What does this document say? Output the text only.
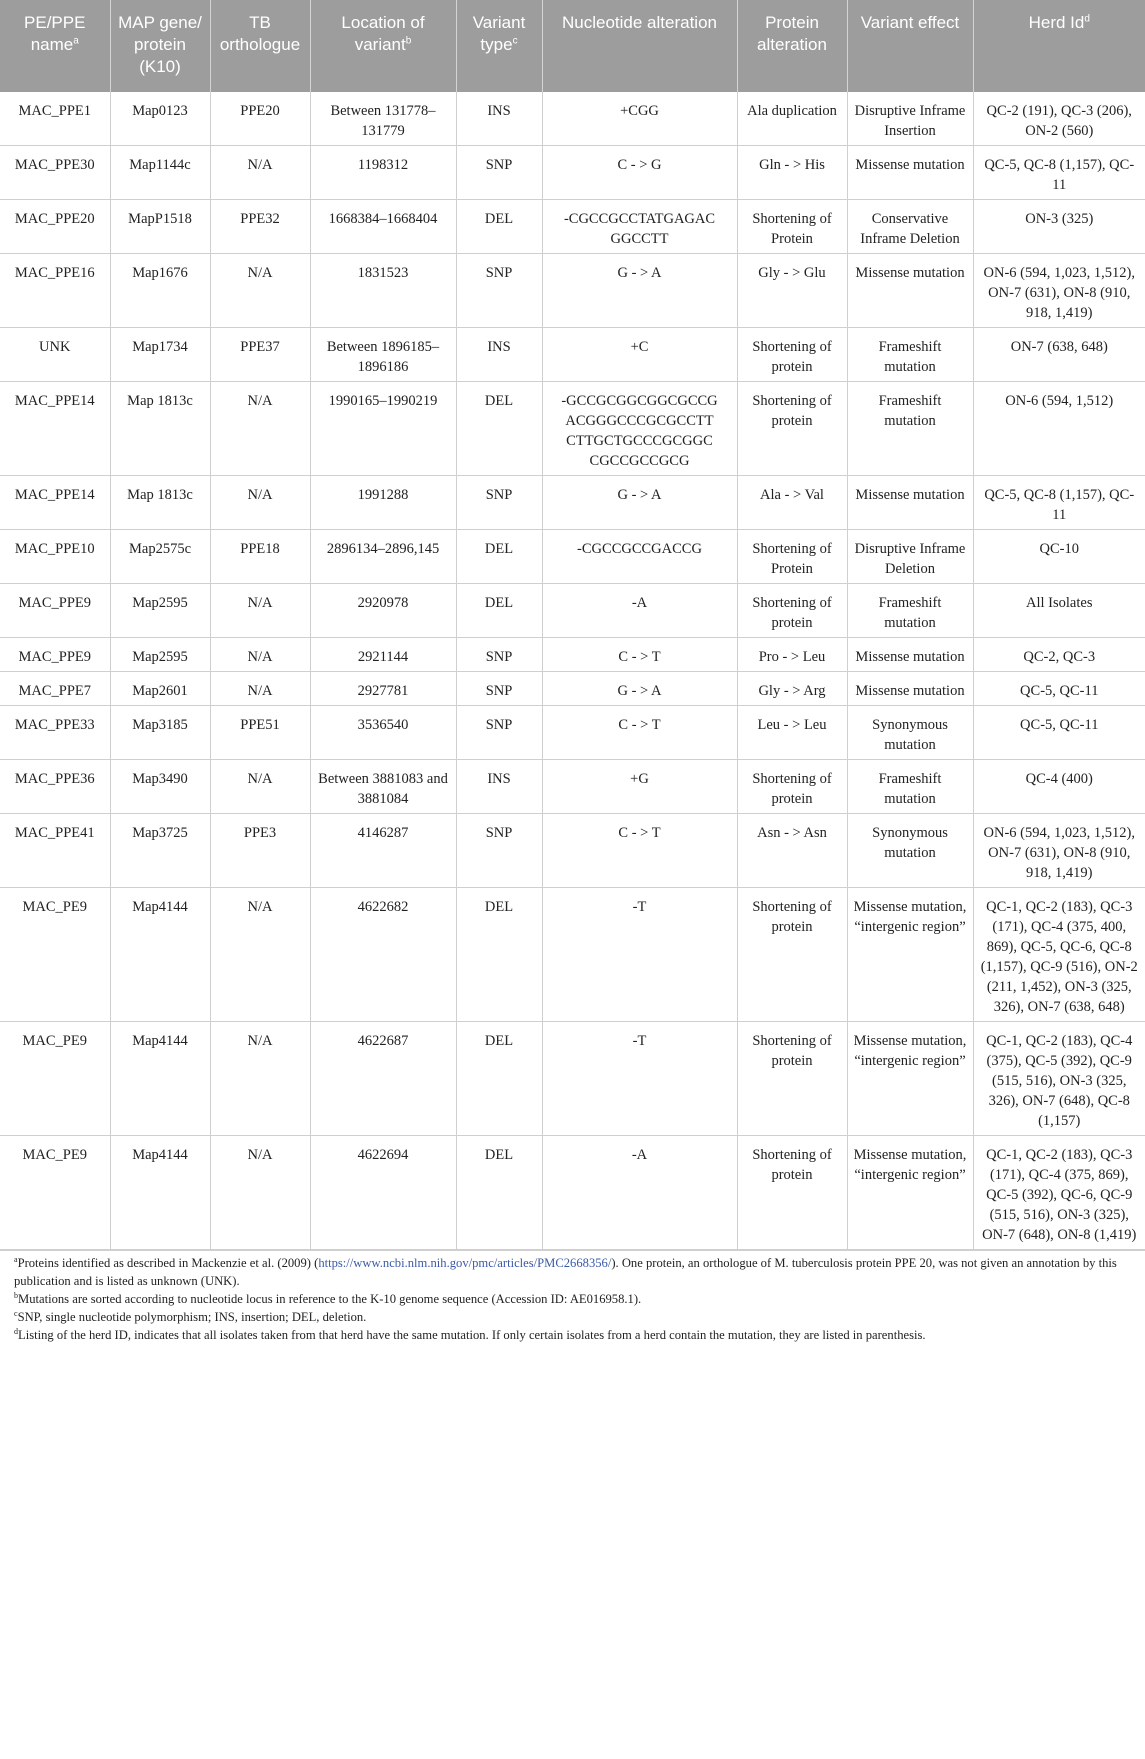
PE/PPE name$^a$	MAP gene/ protein (K10)	TB orthologue	Location of variant$^b$	Variant type$^c$	Nucleotide alteration	Protein alteration	Variant effect	Herd Id$^d$
MAC_PPE1	Map0123	PPE20	Between 131778–131779	INS	+CGG	Ala duplication	Disruptive Inframe Insertion	QC-2 (191), QC-3 (206), ON-2 (560)
MAC_PPE30	Map1144c	N/A	1198312	SNP	C - > G	Gln - > His	Missense mutation	QC-5, QC-8 (1,157), QC-11
MAC_PPE20	MapP1518	PPE32	1668384–1668404	DEL	-CGCCGCCTATGAGAC GGCCTT	Shortening of Protein	Conservative Inframe Deletion	ON-3 (325)
MAC_PPE16	Map1676	N/A	1831523	SNP	G - > A	Gly - > Glu	Missense mutation	ON-6 (594, 1,023, 1,512), ON-7 (631), ON-8 (910, 918, 1,419)
UNK	Map1734	PPE37	Between 1896185–1896186	INS	+C	Shortening of protein	Frameshift mutation	ON-7 (638, 648)
MAC_PPE14	Map 1813c	N/A	1990165–1990219	DEL	-GCCGCGGCGGCGCCG ACGGGCCCGCGCCTT CTTGCTGCCCGCGGC CGCCGCCGCG	Shortening of protein	Frameshift mutation	ON-6 (594, 1,512)
MAC_PPE14	Map 1813c	N/A	1991288	SNP	G - > A	Ala - > Val	Missense mutation	QC-5, QC-8 (1,157), QC-11
MAC_PPE10	Map2575c	PPE18	2896134–2896,145	DEL	-CGCCGCCGACCG	Shortening of Protein	Disruptive Inframe Deletion	QC-10
MAC_PPE9	Map2595	N/A	2920978	DEL	-A	Shortening of protein	Frameshift mutation	All Isolates
MAC_PPE9	Map2595	N/A	2921144	SNP	C - > T	Pro - > Leu	Missense mutation	QC-2, QC-3
MAC_PPE7	Map2601	N/A	2927781	SNP	G - > A	Gly - > Arg	Missense mutation	QC-5, QC-11
MAC_PPE33	Map3185	PPE51	3536540	SNP	C - > T	Leu - > Leu	Synonymous mutation	QC-5, QC-11
MAC_PPE36	Map3490	N/A	Between 3881083 and 3881084	INS	+G	Shortening of protein	Frameshift mutation	QC-4 (400)
MAC_PPE41	Map3725	PPE3	4146287	SNP	C - > T	Asn - > Asn	Synonymous mutation	ON-6 (594, 1,023, 1,512), ON-7 (631), ON-8 (910, 918, 1,419)
MAC_PE9	Map4144	N/A	4622682	DEL	-T	Shortening of protein	Missense mutation, “intergenic region”	QC-1, QC-2 (183), QC-3 (171), QC-4 (375, 400, 869), QC-5, QC-6, QC-8 (1,157), QC-9 (516), ON-2 (211, 1,452), ON-3 (325, 326), ON-7 (638, 648)
MAC_PE9	Map4144	N/A	4622687	DEL	-T	Shortening of protein	Missense mutation, “intergenic region”	QC-1, QC-2 (183), QC-4 (375), QC-5 (392), QC-9 (515, 516), ON-3 (325, 326), ON-7 (648), QC-8 (1,157)
MAC_PE9	Map4144	N/A	4622694	DEL	-A	Shortening of protein	Missense mutation, “intergenic region”	QC-1, QC-2 (183), QC-3 (171), QC-4 (375, 869), QC-5 (392), QC-6, QC-9 (515, 516), ON-3 (325), ON-7 (648), ON-8 (1,419)
$^a$Proteins identified as described in Mackenzie et al. (2009) (https://www.ncbi.nlm.nih.gov/pmc/articles/PMC2668356/). One protein, an orthologue of M. tuberculosis protein PPE 20, was not given an annotation by this publication and is listed as unknown (UNK).
$^b$Mutations are sorted according to nucleotide locus in reference to the K-10 genome sequence (Accession ID: AE016958.1).
$^c$SNP, single nucleotide polymorphism; INS, insertion; DEL, deletion.
$^d$Listing of the herd ID, indicates that all isolates taken from that herd have the same mutation. If only certain isolates from a herd contain the mutation, they are listed in parenthesis.
